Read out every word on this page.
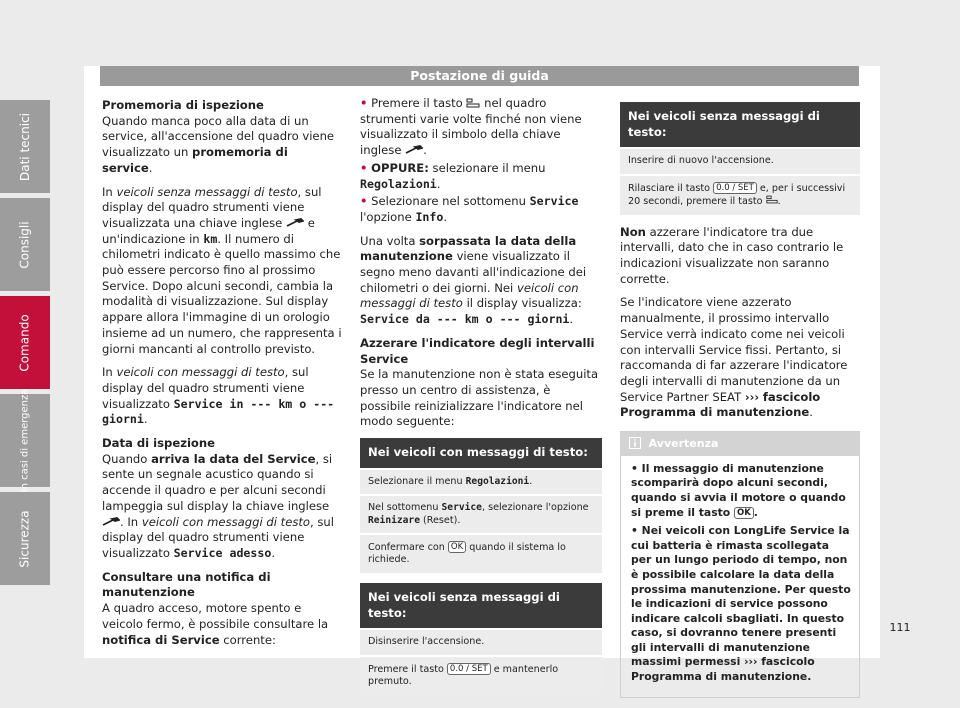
Postazione di guida
Promemoria di ispezione

Quando manca poco alla data di un service, all'accensione del quadro viene visualizzato un promemoria di service.

In veicoli senza messaggi di testo, sul display del quadro strumenti viene visualizzata una chiave inglese e un'indicazione in km. Il numero di chilometri indicato è quello massimo che può essere percorso fino al prossimo Service. Dopo alcuni secondi, cambia la modalità di visualizzazione. Sul display appare allora l'immagine di un orologio insieme ad un numero, che rappresenta i giorni mancanti al controllo previsto.

In veicoli con messaggi di testo, sul display del quadro strumenti viene visualizzato Service in --- km o --- giorni.

Data di ispezione

Quando arriva la data del Service, si sente un segnale acustico quando si accende il quadro e per alcuni secondi lampeggia sul display la chiave inglese . In veicoli con messaggi di testo, sul display del quadro strumenti viene visualizzato Service adesso.

Consultare una notifica di manutenzione

A quadro acceso, motore spento e veicolo fermo, è possibile consultare la notifica di Service corrente:

• Premere il tasto nel quadro strumenti varie volte finché non viene visualizzato il simbolo della chiave inglese .

• OPPURE: selezionare il menu Regolazioni.

• Selezionare nel sottomenu Service l'opzione Info.

Una volta sorpassata la data della manutenzione viene visualizzato il segno meno davanti all'indicazione dei chilometri o dei giorni. Nei veicoli con messaggi di testo il display visualizza: Service da --- km o --- giorni.

Azzerare l'indicatore degli intervalli Service

Se la manutenzione non è stata eseguita presso un centro di assistenza, è possibile reinizializzare l'indicatore nel modo seguente:

Nei veicoli con messaggi di testo:
Selezionare il menu Regolazioni.
Nel sottomenu Service, selezionare l'opzione Reinizare (Reset).
Confermare con OK quando il sistema lo richiede.
Nei veicoli senza messaggi di testo:
Disinserire l'accensione.
Premere il tasto 0.0 / SET e mantenerlo premuto.
Nei veicoli senza messaggi di testo:
Inserire di nuovo l'accensione.
Rilasciare il tasto 0.0 / SET e, per i successivi 20 secondi, premere il tasto .

Non azzerare l'indicatore tra due intervalli, dato che in caso contrario le indicazioni visualizzate non saranno corrette.

Se l'indicatore viene azzerato manualmente, il prossimo intervallo Service verrà indicato come nei veicoli con intervalli Service fissi. Pertanto, si raccomanda di far azzerare l'indicatore degli intervalli di manutenzione da un Service Partner SEAT ››› fascicolo Programma di manutenzione.

Avvertenza
• Il messaggio di manutenzione scomparirà dopo alcuni secondi, quando si avvia il motore o quando si preme il tasto OK .
• Nei veicoli con LongLife Service la cui batteria è rimasta scollegata per un lungo periodo di tempo, non è possibile calcolare la data della prossima manutenzione. Per questo le indicazioni di service possono indicare calcoli sbagliati. In questo caso, si dovranno tenere presenti gli intervalli di manutenzione massimi permessi ››› fascicolo Programma di manutenzione.
Dati tecnici
Consigli
Comando
In casi di emergenza
Sicurezza
111
